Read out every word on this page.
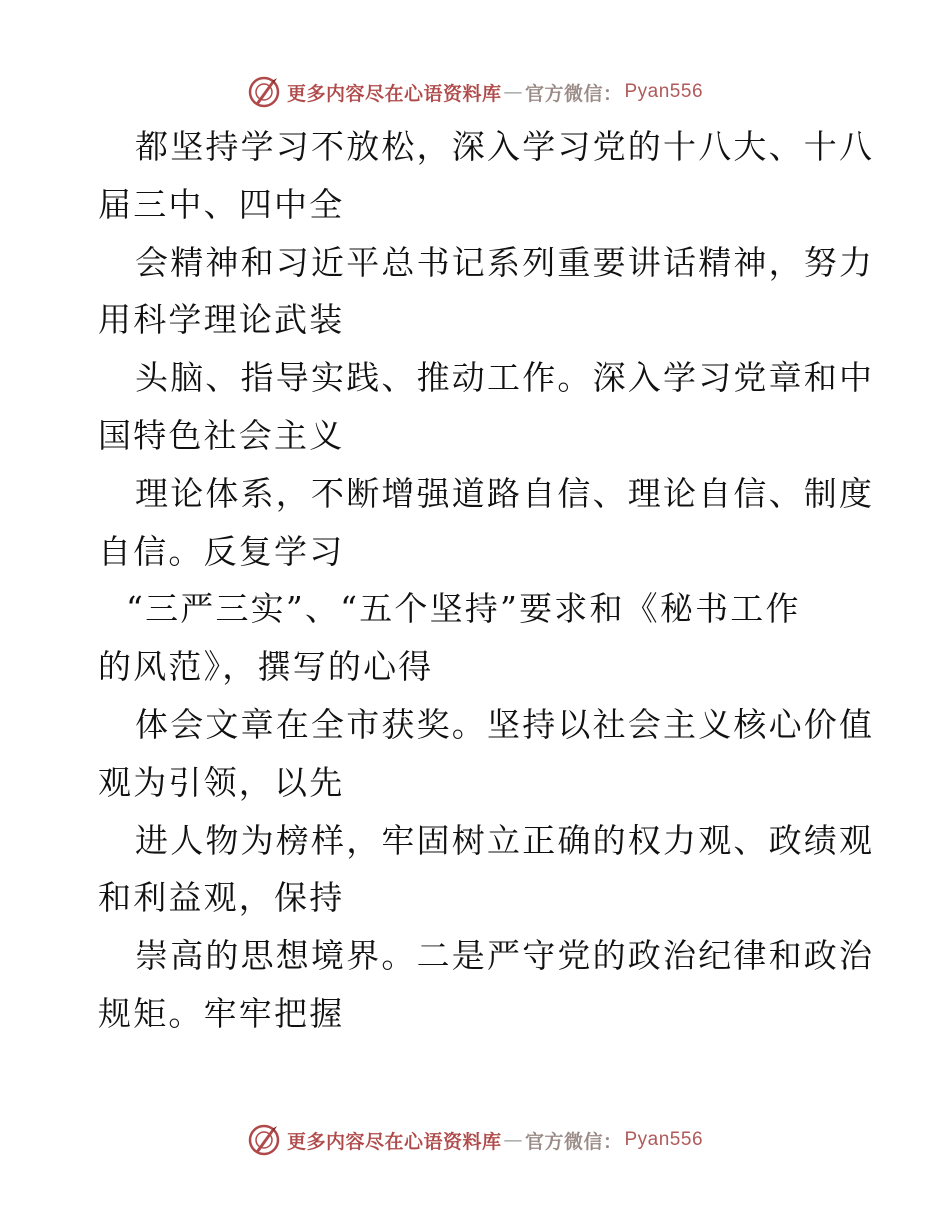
更多内容尽在心语资料库 — 官方微信： Pyan556
都坚持学习不放松，深入学习党的十八大、十八
届三中、四中全
会精神和习近平总书记系列重要讲话精神，努力
用科学理论武装
头脑、指导实践、推动工作。深入学习党章和中
国特色社会主义
理论体系，不断增强道路自信、理论自信、制度
自信。反复学习
“三严三实”、“五个坚持”要求和《秘书工作
的风范》，撰写的心得
体会文章在全市获奖。坚持以社会主义核心价值
观为引领，以先
进人物为榜样，牢固树立正确的权力观、政绩观
和利益观，保持
崇高的思想境界。二是严守党的政治纪律和政治
规矩。牢牢把握
更多内容尽在心语资料库 — 官方微信： Pyan556
